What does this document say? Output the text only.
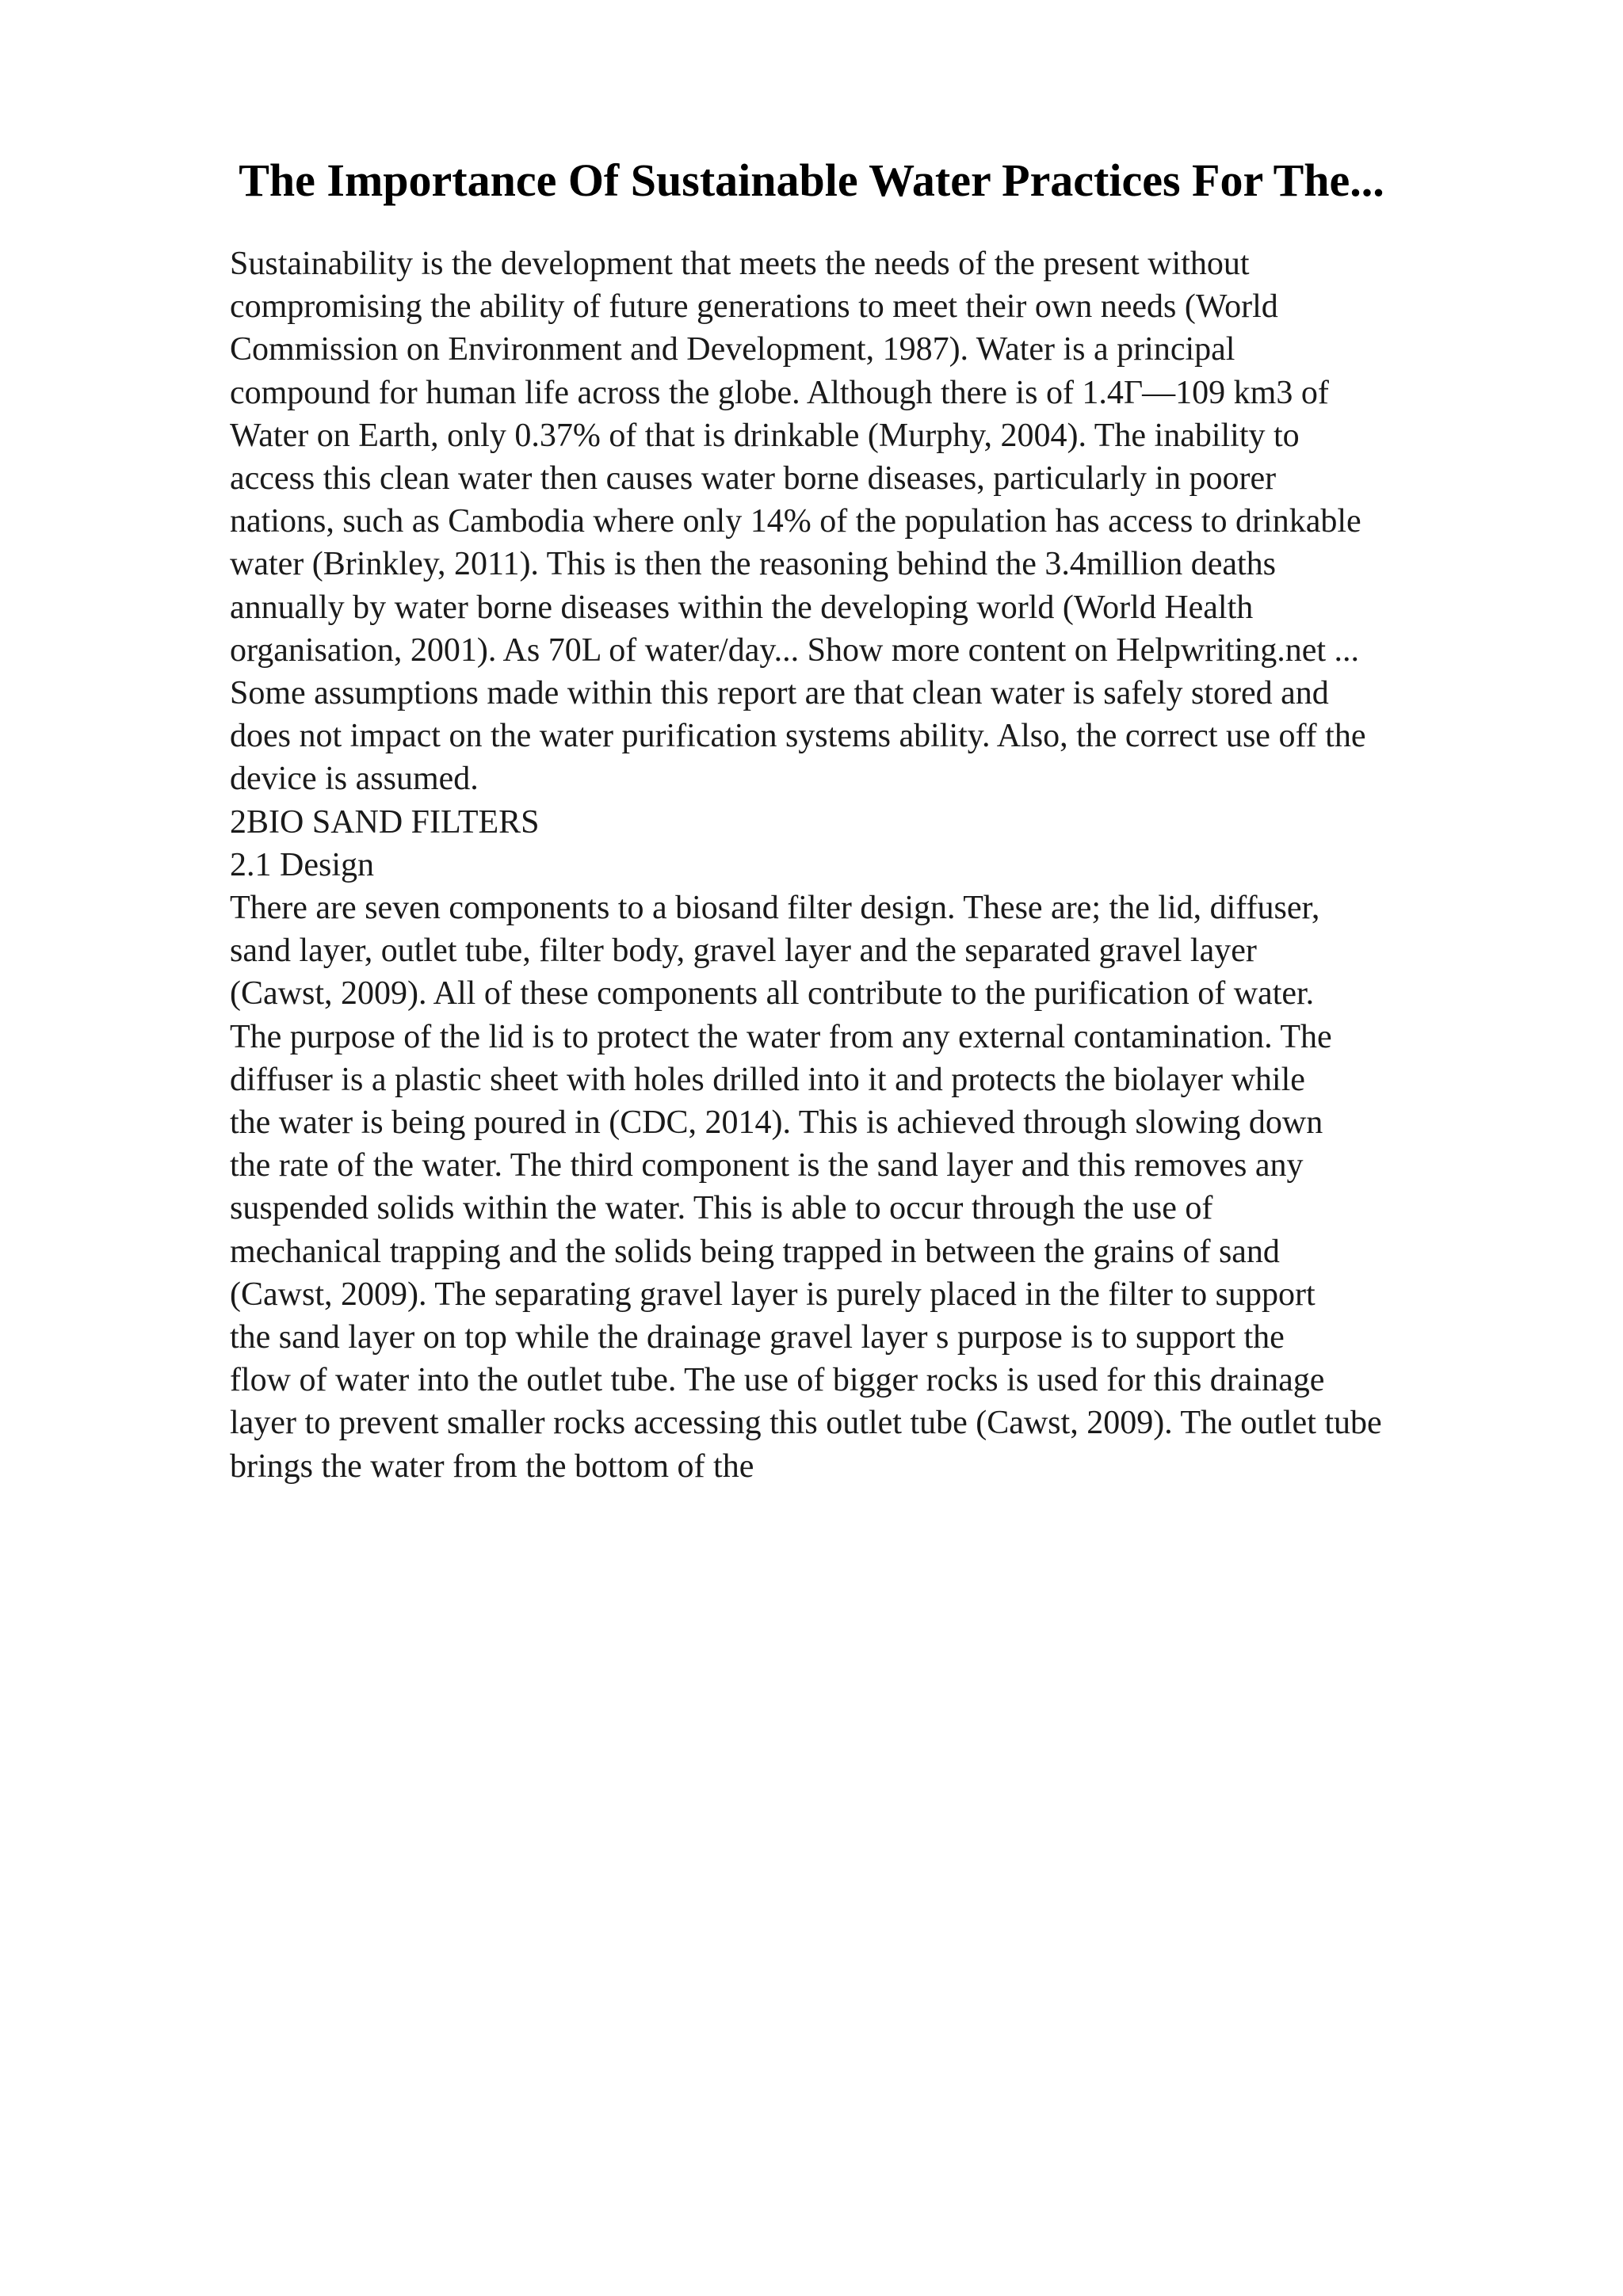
The Importance Of Sustainable Water Practices For The...
Sustainability is the development that meets the needs of the present without
compromising the ability of future generations to meet their own needs (World
Commission on Environment and Development, 1987). Water is a principal
compound for human life across the globe. Although there is of 1.4Г—109 km3 of
Water on Earth, only 0.37% of that is drinkable (Murphy, 2004). The inability to
access this clean water then causes water borne diseases, particularly in poorer
nations, such as Cambodia where only 14% of the population has access to drinkable
water (Brinkley, 2011). This is then the reasoning behind the 3.4million deaths
annually by water borne diseases within the developing world (World Health
organisation, 2001). As 70L of water/day... Show more content on Helpwriting.net ...
Some assumptions made within this report are that clean water is safely stored and
does not impact on the water purification systems ability. Also, the correct use off the
device is assumed.
2BIO SAND FILTERS
2.1 Design
There are seven components to a biosand filter design. These are; the lid, diffuser,
sand layer, outlet tube, filter body, gravel layer and the separated gravel layer
(Cawst, 2009). All of these components all contribute to the purification of water.
The purpose of the lid is to protect the water from any external contamination. The
diffuser is a plastic sheet with holes drilled into it and protects the biolayer while
the water is being poured in (CDC, 2014). This is achieved through slowing down
the rate of the water. The third component is the sand layer and this removes any
suspended solids within the water. This is able to occur through the use of
mechanical trapping and the solids being trapped in between the grains of sand
(Cawst, 2009). The separating gravel layer is purely placed in the filter to support
the sand layer on top while the drainage gravel layer s purpose is to support the
flow of water into the outlet tube. The use of bigger rocks is used for this drainage
layer to prevent smaller rocks accessing this outlet tube (Cawst, 2009). The outlet tube
brings the water from the bottom of the
